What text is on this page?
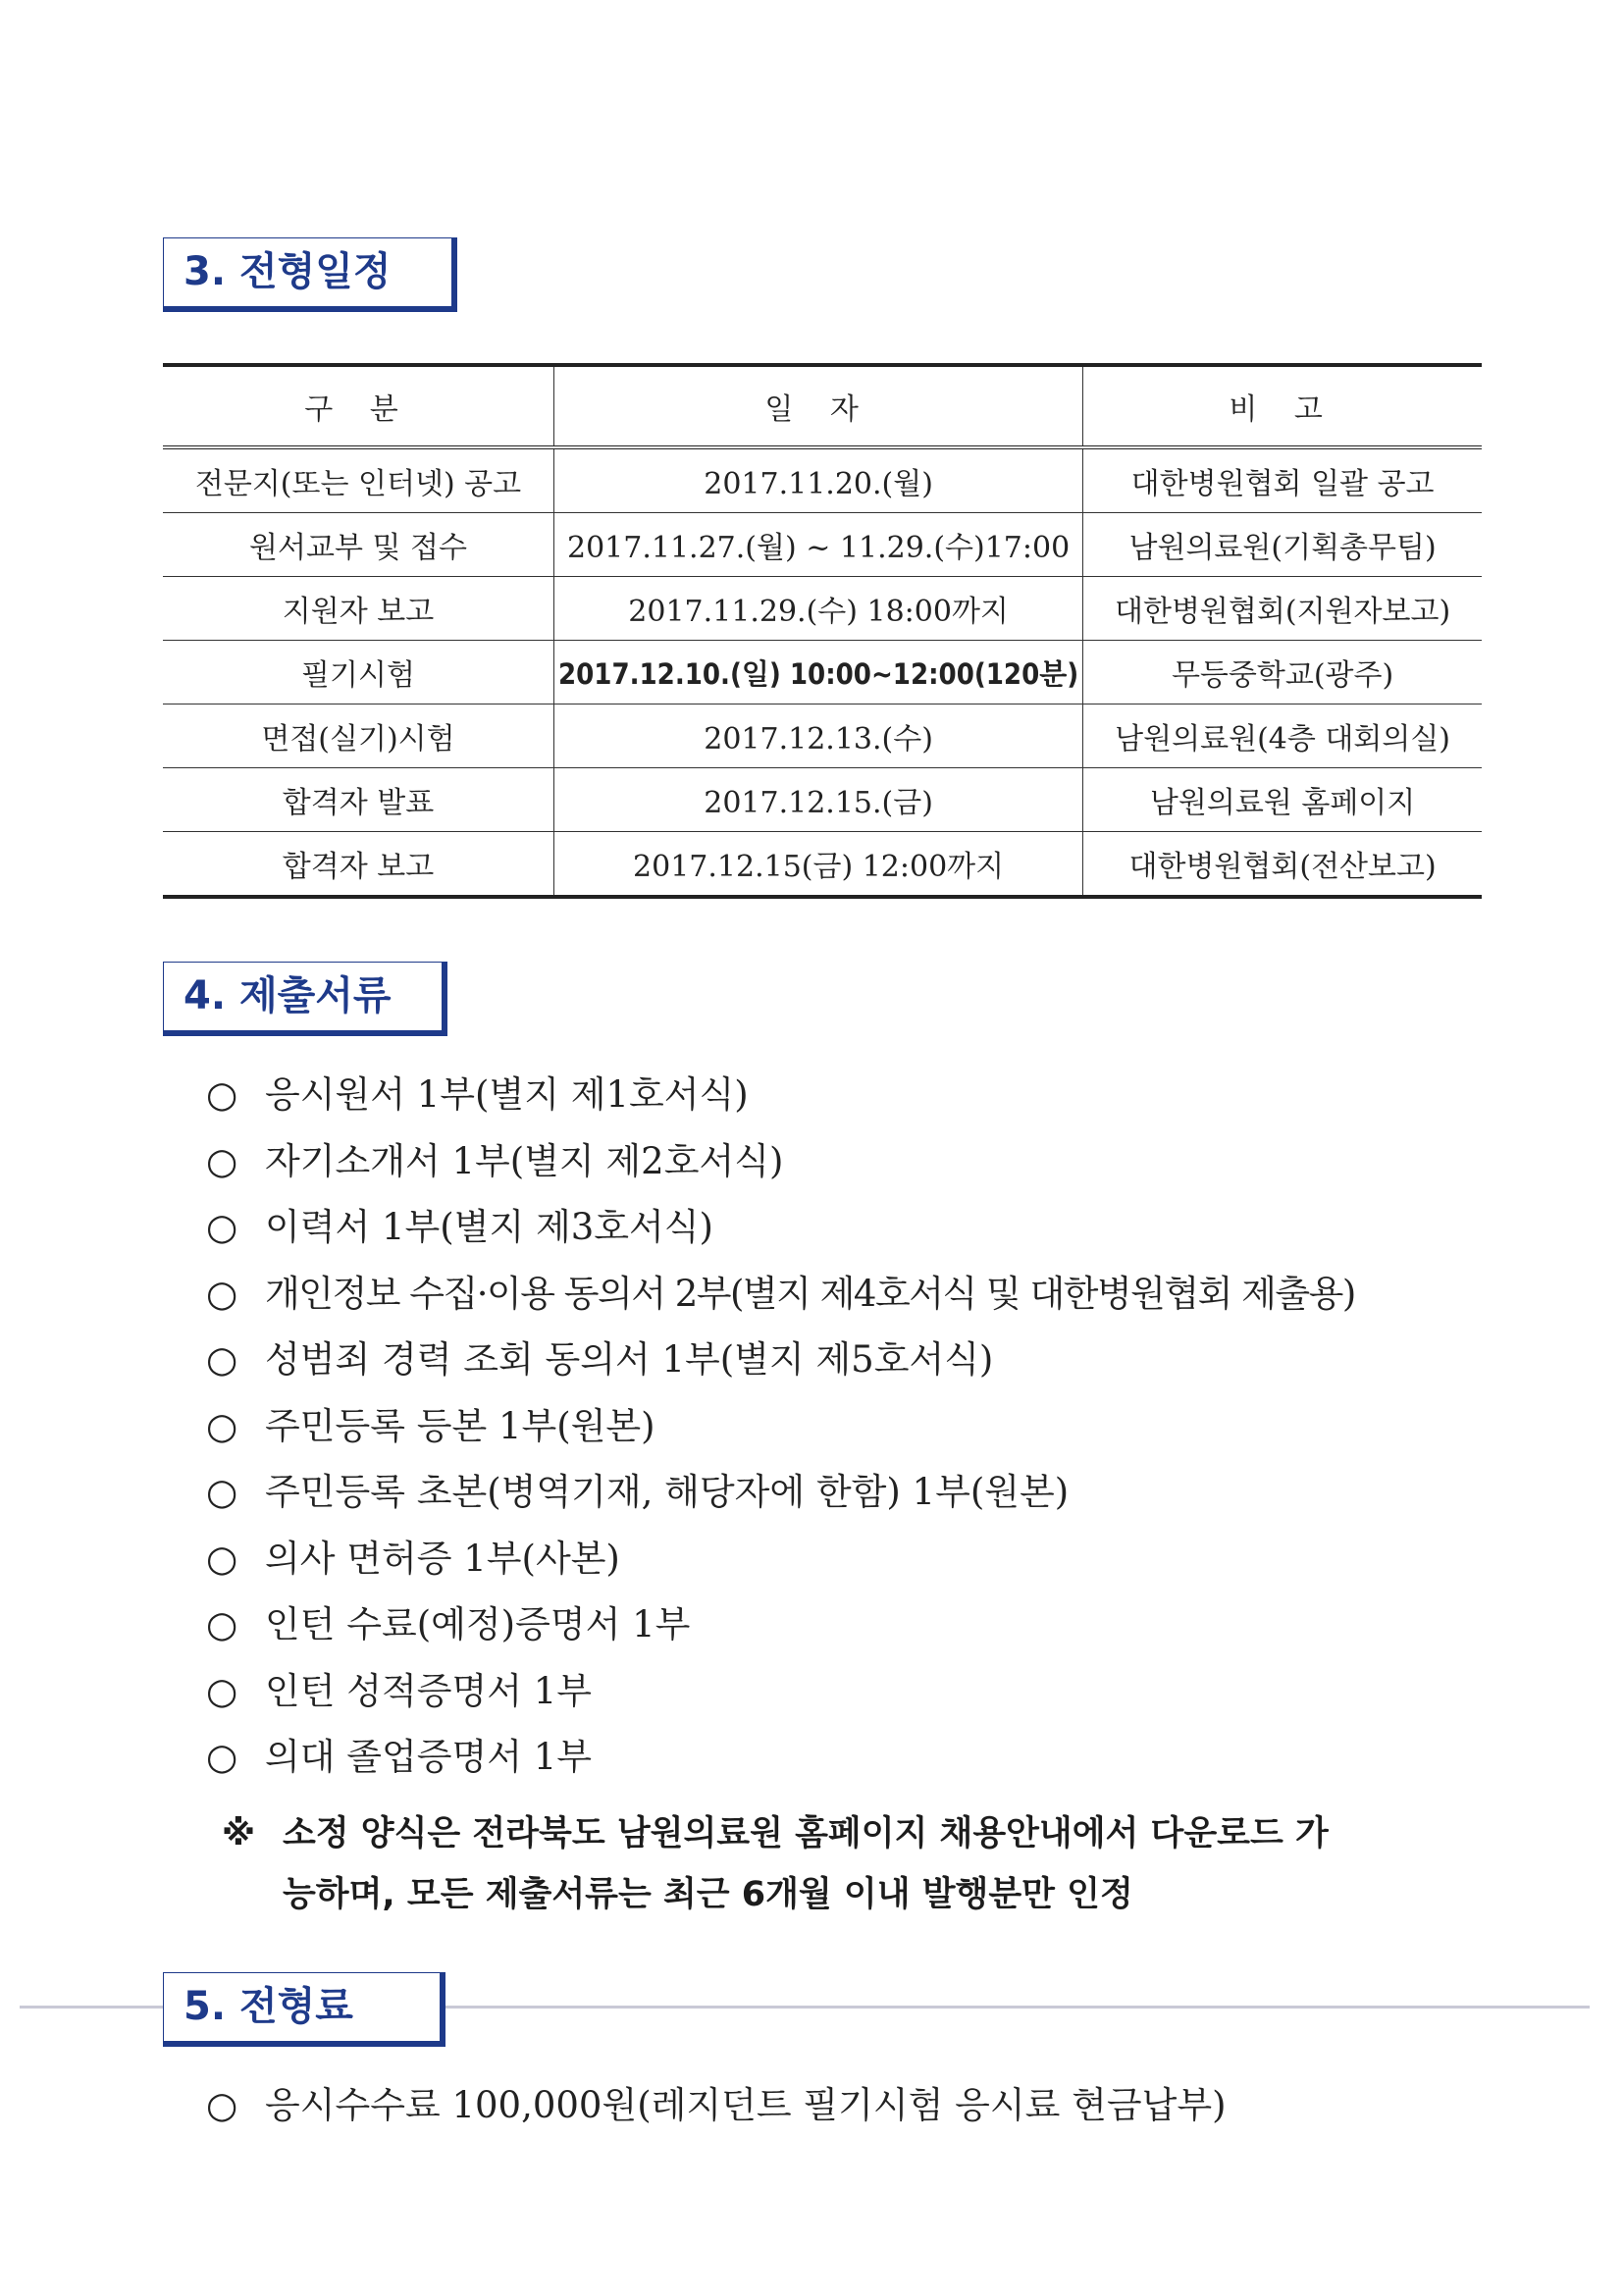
3. 전형일정
구 분	일 자	비 고
전문지(또는 인터넷) 공고	2017.11.20.(월)	대한병원협회 일괄 공고
원서교부 및 접수	2017.11.27.(월) ~ 11.29.(수)17:00	남원의료원(기획총무팀)
지원자 보고	2017.11.29.(수) 18:00까지	대한병원협회(지원자보고)
필기시험	2017.12.10.(일) 10:00~12:00(120분)	무등중학교(광주)
면접(실기)시험	2017.12.13.(수)	남원의료원(4층 대회의실)
합격자 발표	2017.12.15.(금)	남원의료원 홈페이지
합격자 보고	2017.12.15(금) 12:00까지	대한병원협회(전산보고)
4. 제출서류
○ 응시원서 1부(별지 제1호서식)
○ 자기소개서 1부(별지 제2호서식)
○ 이력서 1부(별지 제3호서식)
○ 개인정보 수집·이용 동의서 2부(별지 제4호서식 및 대한병원협회 제출용)
○ 성범죄 경력 조회 동의서 1부(별지 제5호서식)
○ 주민등록 등본 1부(원본)
○ 주민등록 초본(병역기재, 해당자에 한함) 1부(원본)
○ 의사 면허증 1부(사본)
○ 인턴 수료(예정)증명서 1부
○ 인턴 성적증명서 1부
○ 의대 졸업증명서 1부
※ 소정 양식은 전라북도 남원의료원 홈페이지 채용안내에서 다운로드 가
능하며, 모든 제출서류는 최근 6개월 이내 발행분만 인정
5. 전형료
○ 응시수수료 100,000원(레지던트 필기시험 응시료 현금납부)
